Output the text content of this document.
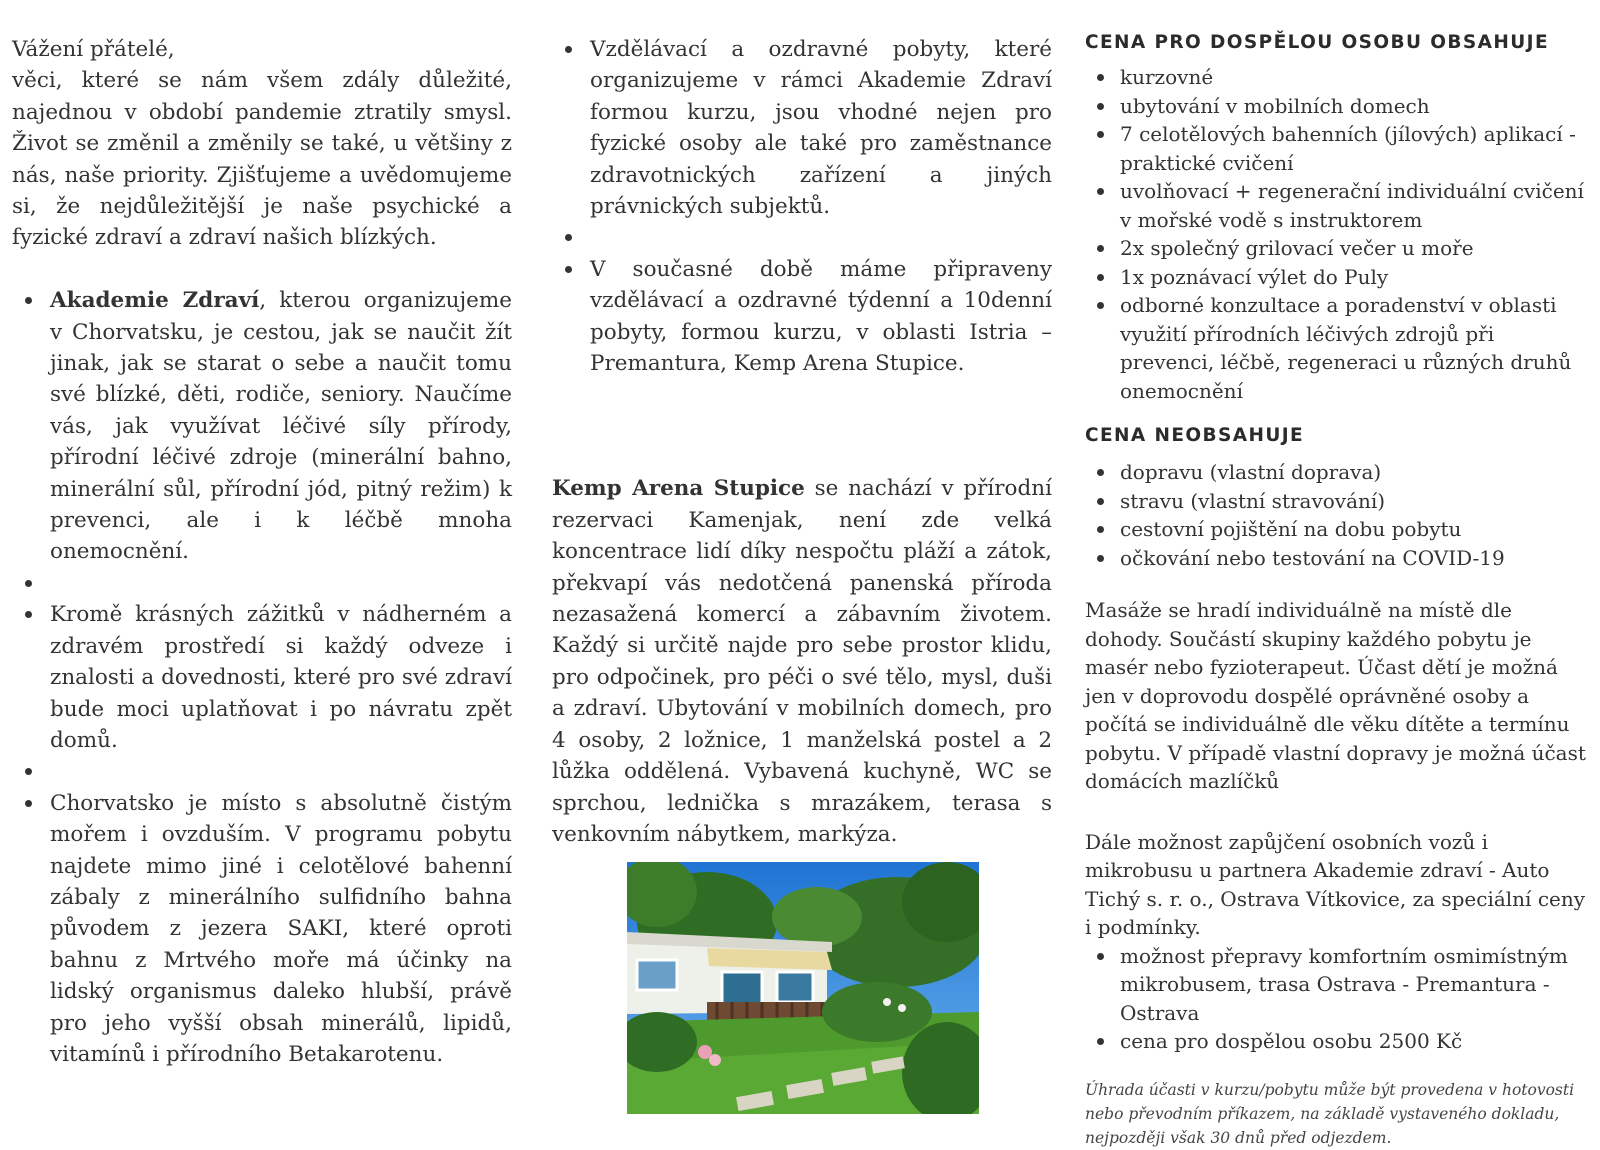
Vážení přátelé,

věci, které se nám všem zdály důležité, najednou v období pandemie ztratily smysl. Život se změnil a změnily se také, u většiny z nás, naše priority. Zjišťujeme a uvědomujeme si, že nejdůležitější je naše psychické a fyzické zdraví a zdraví našich blízkých.

Akademie Zdraví, kterou organizujeme v Chorvatsku, je cestou, jak se naučit žít jinak, jak se starat o sebe a naučit tomu své blízké, děti, rodiče, seniory. Naučíme vás, jak využívat léčivé síly přírody, přírodní léčivé zdroje (minerální bahno, minerální sůl, přírodní jód, pitný režim) k prevenci, ale i k léčbě mnoha onemocnění.
Kromě krásných zážitků v nádherném a zdravém prostředí si každý odveze i znalosti a dovednosti, které pro své zdraví bude moci uplatňovat i po návratu zpět domů.
Chorvatsko je místo s absolutně čistým mořem i ovzduším. V programu pobytu najdete mimo jiné i celotělové bahenní zábaly z minerálního sulfidního bahna původem z jezera SAKI, které oproti bahnu z Mrtvého moře má účinky na lidský organismus daleko hlubší, právě pro jeho vyšší obsah minerálů, lipidů, vitamínů i přírodního Betakarotenu.
Vzdělávací a ozdravné pobyty, které organizujeme v rámci Akademie Zdraví formou kurzu, jsou vhodné nejen pro fyzické osoby ale také pro zaměstnance zdravotnických zařízení a jiných právnických subjektů.
V současné době máme připraveny vzdělávací a ozdravné týdenní a 10denní pobyty, formou kurzu, v oblasti Istria – Premantura, Kemp Arena Stupice.

Kemp Arena Stupice se nachází v přírodní rezervaci Kamenjak, není zde velká koncentrace lidí díky nespočtu pláží a zátok, překvapí vás nedotčená panenská příroda nezasažená komercí a zábavním životem. Každý si určitě najde pro sebe prostor klidu, pro odpočinek, pro péči o své tělo, mysl, duši a zdraví. Ubytování v mobilních domech, pro 4 osoby, 2 ložnice, 1 manželská postel a 2 lůžka oddělená. Vybavená kuchyně, WC se sprchou, lednička s mrazákem, terasa s venkovním nábytkem, markýza.

CENA PRO DOSPĚLOU OSOBU OBSAHUJE
kurzovné
ubytování v mobilních domech
7 celotělových bahenních (jílových) aplikací - praktické cvičení
uvolňovací + regenerační individuální cvičení v mořské vodě s instruktorem
2x společný grilovací večer u moře
1x poznávací výlet do Puly
odborné konzultace a poradenství v oblasti využití přírodních léčivých zdrojů při prevenci, léčbě, regeneraci u různých druhů onemocnění
CENA NEOBSAHUJE
dopravu (vlastní doprava)
stravu (vlastní stravování)
cestovní pojištění na dobu pobytu
očkování nebo testování na COVID-19

Masáže se hradí individuálně na místě dle dohody. Součástí skupiny každého pobytu je masér nebo fyzioterapeut. Účast dětí je možná jen v doprovodu dospělé oprávněné osoby a počítá se individuálně dle věku dítěte a termínu pobytu. V případě vlastní dopravy je možná účast domácích mazlíčků

Dále možnost zapůjčení osobních vozů i mikrobusu u partnera Akademie zdraví - Auto Tichý s. r. o., Ostrava Vítkovice, za speciální ceny i podmínky.

možnost přepravy komfortním osmimístným mikrobusem, trasa Ostrava - Premantura - Ostrava
cena pro dospělou osobu 2500 Kč

Úhrada účasti v kurzu/pobytu může být provedena v hotovosti nebo převodním příkazem, na základě vystaveného dokladu, nejpozději však 30 dnů před odjezdem.
